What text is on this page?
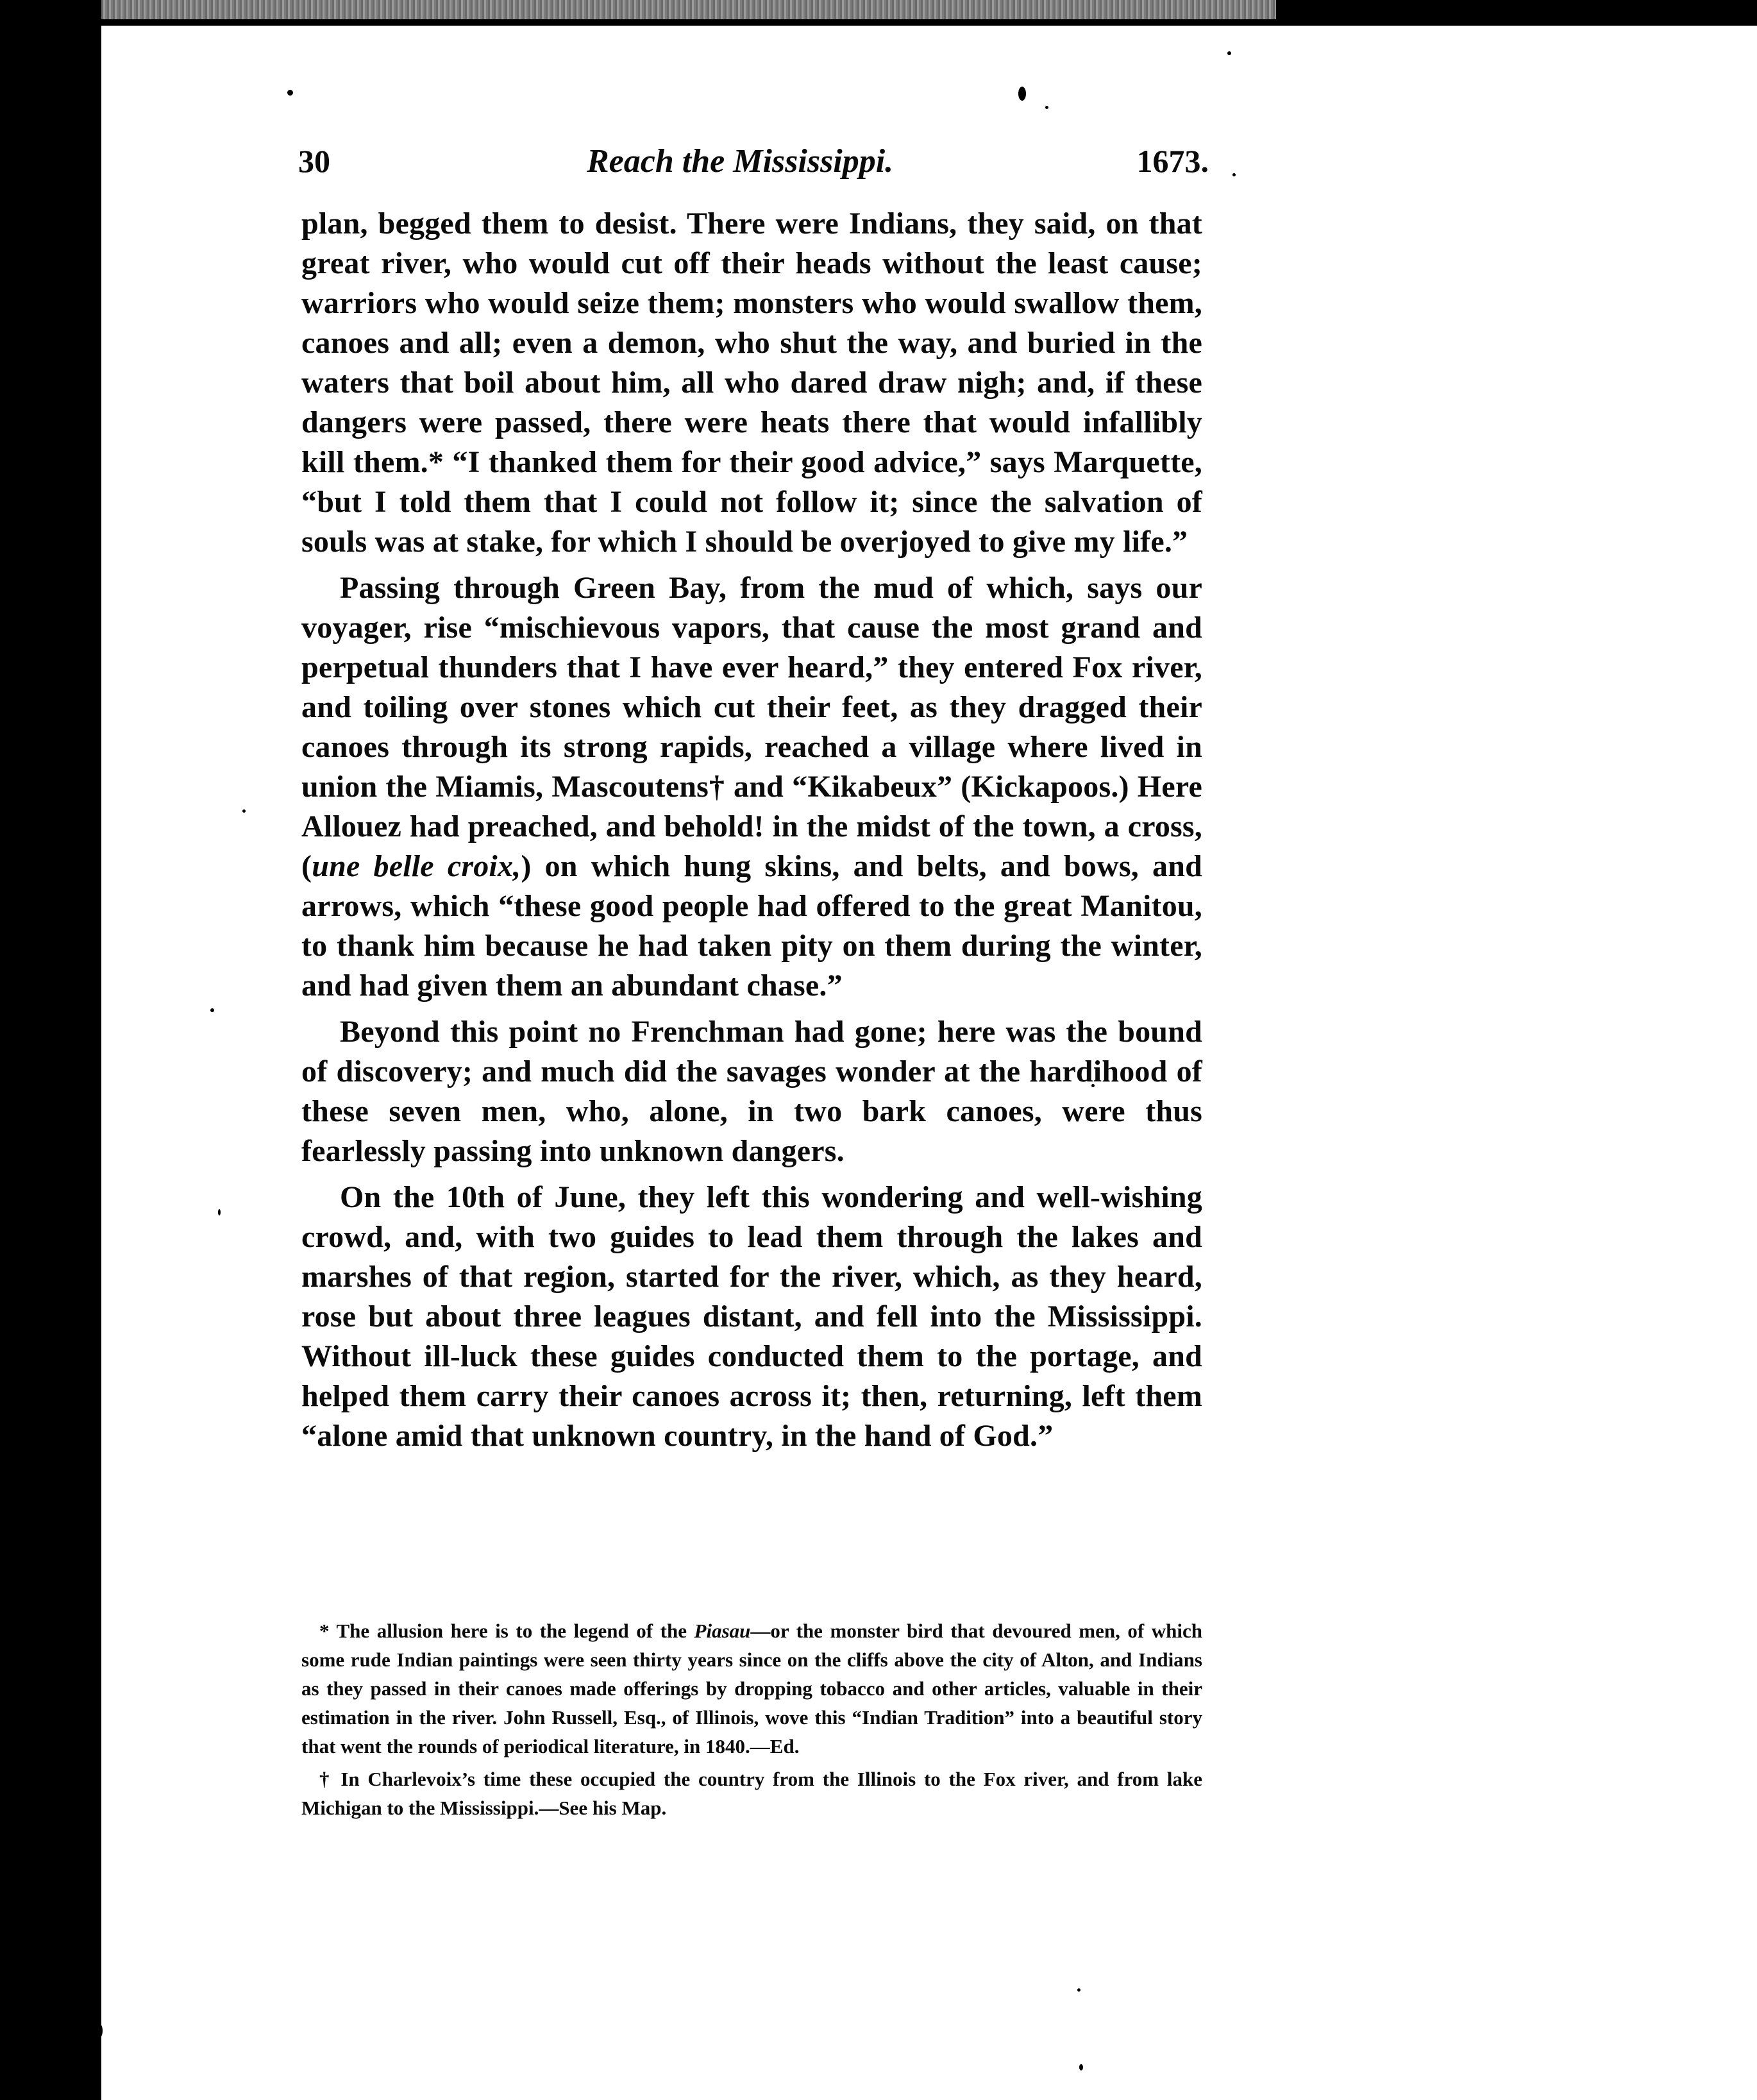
30	Reach the Mississippi.	1673.

plan, begged them to desist. There were Indians, they said, on that great river, who would cut off their heads without the least cause; warriors who would seize them; monsters who would swallow them, canoes and all; even a demon, who shut the way, and buried in the waters that boil about him, all who dared draw nigh; and, if these dangers were passed, there were heats there that would infallibly kill them.* “I thanked them for their good advice,” says Marquette, “but I told them that I could not follow it; since the salvation of souls was at stake, for which I should be overjoyed to give my life.”

Passing through Green Bay, from the mud of which, says our voyager, rise “mischievous vapors, that cause the most grand and perpetual thunders that I have ever heard,” they entered Fox river, and toiling over stones which cut their feet, as they dragged their canoes through its strong rapids, reached a village where lived in union the Miamis, Mascoutens† and “Kikabeux” (Kickapoos.) Here Allouez had preached, and behold! in the midst of the town, a cross, (une belle croix,) on which hung skins, and belts, and bows, and arrows, which “these good people had offered to the great Manitou, to thank him because he had taken pity on them during the winter, and had given them an abundant chase.”

Beyond this point no Frenchman had gone; here was the bound of discovery; and much did the savages wonder at the hardihood of these seven men, who, alone, in two bark canoes, were thus fearlessly passing into unknown dangers.

On the 10th of June, they left this wondering and well-wishing crowd, and, with two guides to lead them through the lakes and marshes of that region, started for the river, which, as they heard, rose but about three leagues distant, and fell into the Mississippi. Without ill-luck these guides conducted them to the portage, and helped them carry their canoes across it; then, returning, left them “alone amid that unknown country, in the hand of God.”

* The allusion here is to the legend of the Piasau—or the monster bird that devoured men, of which some rude Indian paintings were seen thirty years since on the cliffs above the city of Alton, and Indians as they passed in their canoes made offerings by dropping tobacco and other articles, valuable in their estimation in the river. John Russell, Esq., of Illinois, wove this “Indian Tradition” into a beautiful story that went the rounds of periodical literature, in 1840.—Ed.

† In Charlevoix’s time these occupied the country from the Illinois to the Fox river, and from lake Michigan to the Mississippi.—See his Map.
